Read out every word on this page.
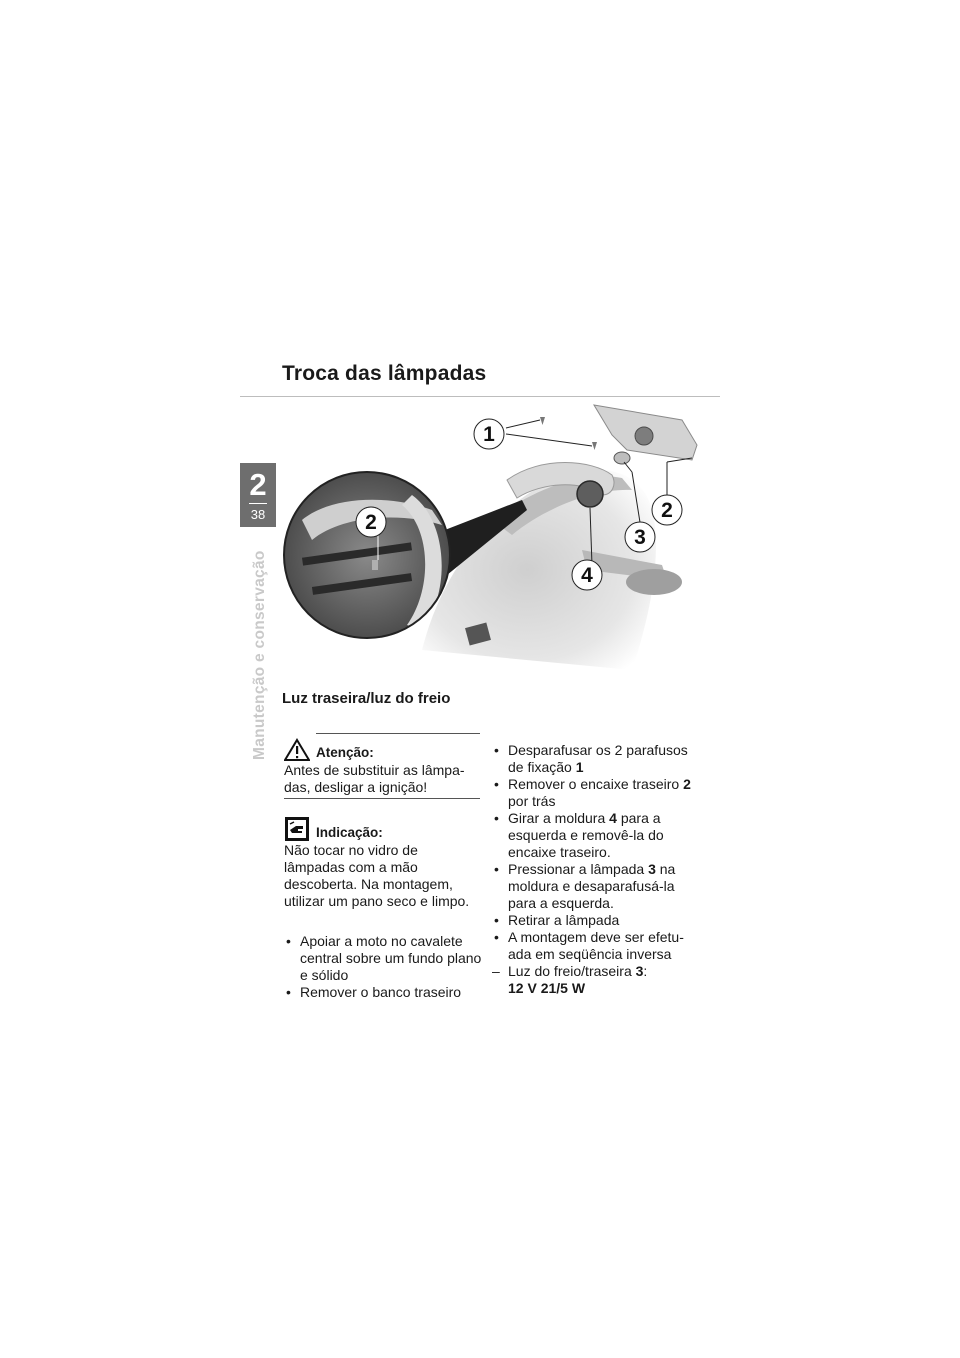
Troca das lâmpadas
2
38
Manutenção e conservação
1
2
3
4
2
Luz traseira/luz do freio
Atenção:
Antes de substituir as lâmpa-das, desligar a ignição!
Indicação:
Não tocar no vidro de lâmpadas com a mão descoberta. Na montagem, utilizar um pano seco e limpo.
• Apoiar a moto no cavalete central sobre um fundo plano e sólido
• Remover o banco traseiro
• Desparafusar os 2 parafusos de fixação 1
• Remover o encaixe traseiro 2 por trás
• Girar a moldura 4 para a esquerda e removê-la do encaixe traseiro.
• Pressionar a lâmpada 3 na moldura e desaparafusá-la para a esquerda.
• Retirar a lâmpada
• A montagem deve ser efetu-ada em seqüência inversa
– Luz do freio/traseira 3:
12 V 21/5 W
